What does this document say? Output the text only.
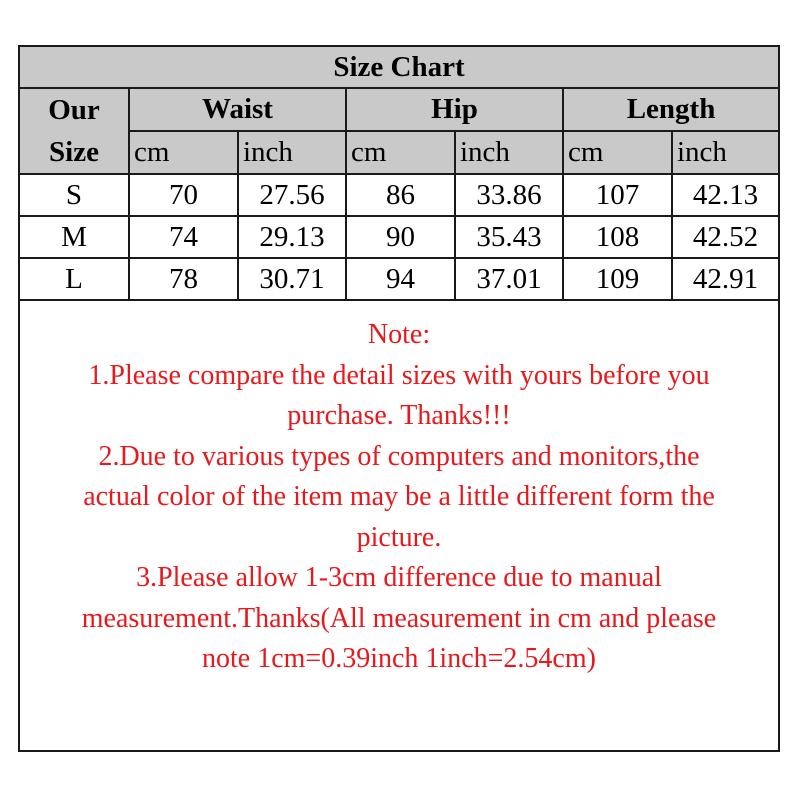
Size Chart						
Our Size	Waist		Hip		Length	
	cm	inch	cm	inch	cm	inch
S	70	27.56	86	33.86	107	42.13
M	74	29.13	90	35.43	108	42.52
L	78	30.71	94	37.01	109	42.91
Note:
1.Please compare the detail sizes with yours before you
purchase. Thanks!!!
2.Due to various types of computers and monitors,the
actual color of the item may be a little different form the
picture.
3.Please allow 1-3cm difference due to manual
measurement.Thanks(All measurement in cm and please
note 1cm=0.39inch 1inch=2.54cm)
